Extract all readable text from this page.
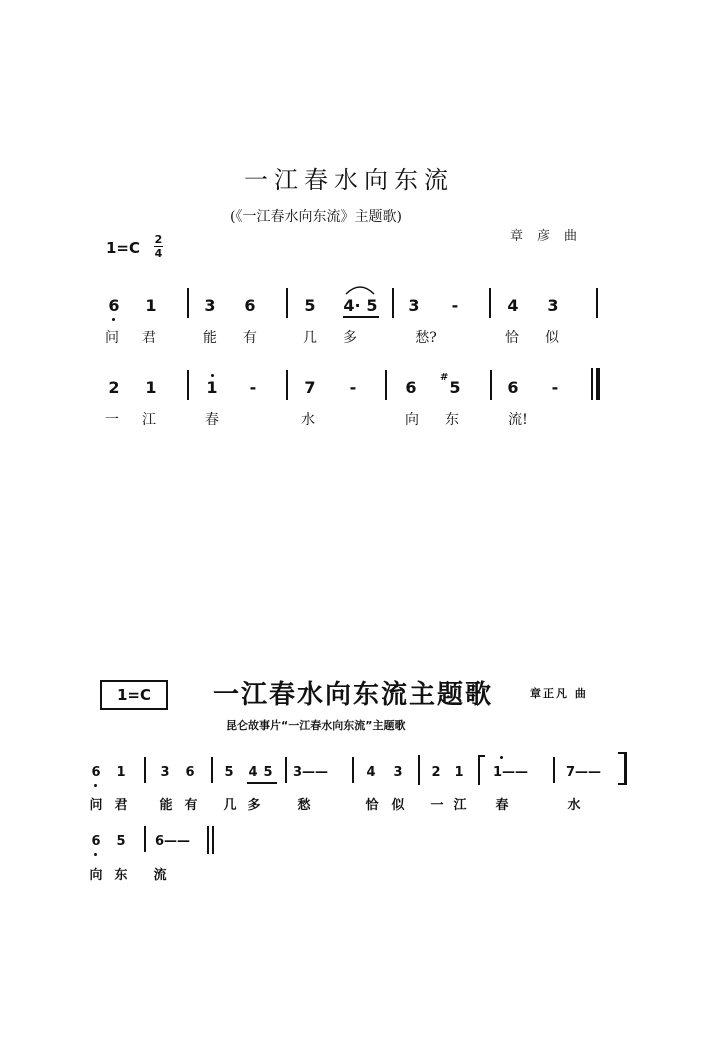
一江春水向东流
(《一江春水向东流》主题歌)
章彦曲
1=C 2
4
6 1	3 6	5 4· 5 3	-	4 3
问	君	能	有	几	多	愁?	恰	似
2 1	1	-	7	-	6
#
5	6	-
一	江	春	水	向	东	流!
1=C	一江春水向东流主题歌	章正凡 曲
昆仑故事片“一江春水向东流”主题歌
6 1	3 6 5 4 5 3——	4 3 2 1 1——	7——
问 君	能 有	几 多	愁	恰 似	一 江	春	水
6 5 6——
向 东	流
